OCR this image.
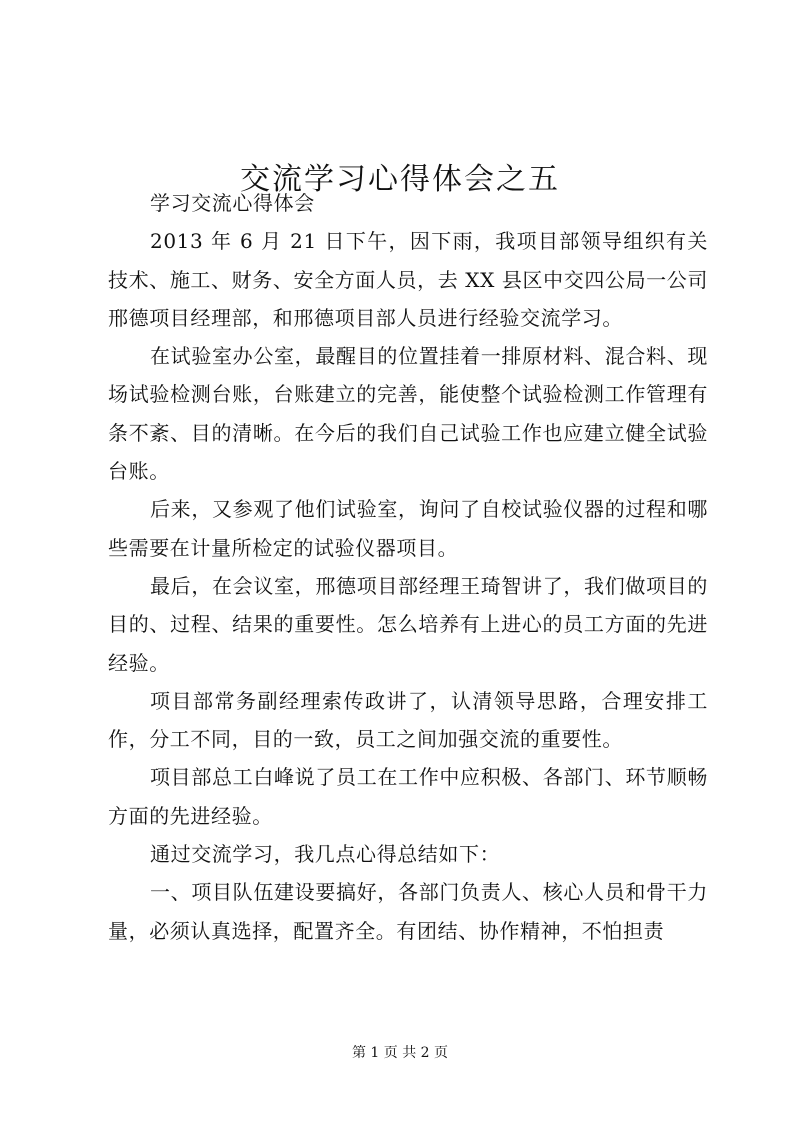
交流学习心得体会之五

学习交流心得体会

2013 年 6 月 21 日下午，因下雨，我项目部领导组织有关技术、施工、财务、安全方面人员，去 XX 县区中交四公局一公司邢德项目经理部，和邢德项目部人员进行经验交流学习。

在试验室办公室，最醒目的位置挂着一排原材料、混合料、现场试验检测台账，台账建立的完善，能使整个试验检测工作管理有条不紊、目的清晰。在今后的我们自己试验工作也应建立健全试验台账。

后来，又参观了他们试验室，询问了自校试验仪器的过程和哪些需要在计量所检定的试验仪器项目。

最后，在会议室，邢德项目部经理王琦智讲了，我们做项目的目的、过程、结果的重要性。怎么培养有上进心的员工方面的先进经验。

项目部常务副经理索传政讲了，认清领导思路，合理安排工作，分工不同，目的一致，员工之间加强交流的重要性。

项目部总工白峰说了员工在工作中应积极、各部门、环节顺畅方面的先进经验。

通过交流学习，我几点心得总结如下：

一、项目队伍建设要搞好，各部门负责人、核心人员和骨干力量，必须认真选择，配置齐全。有团结、协作精神，不怕担责

第 1 页 共 2 页
